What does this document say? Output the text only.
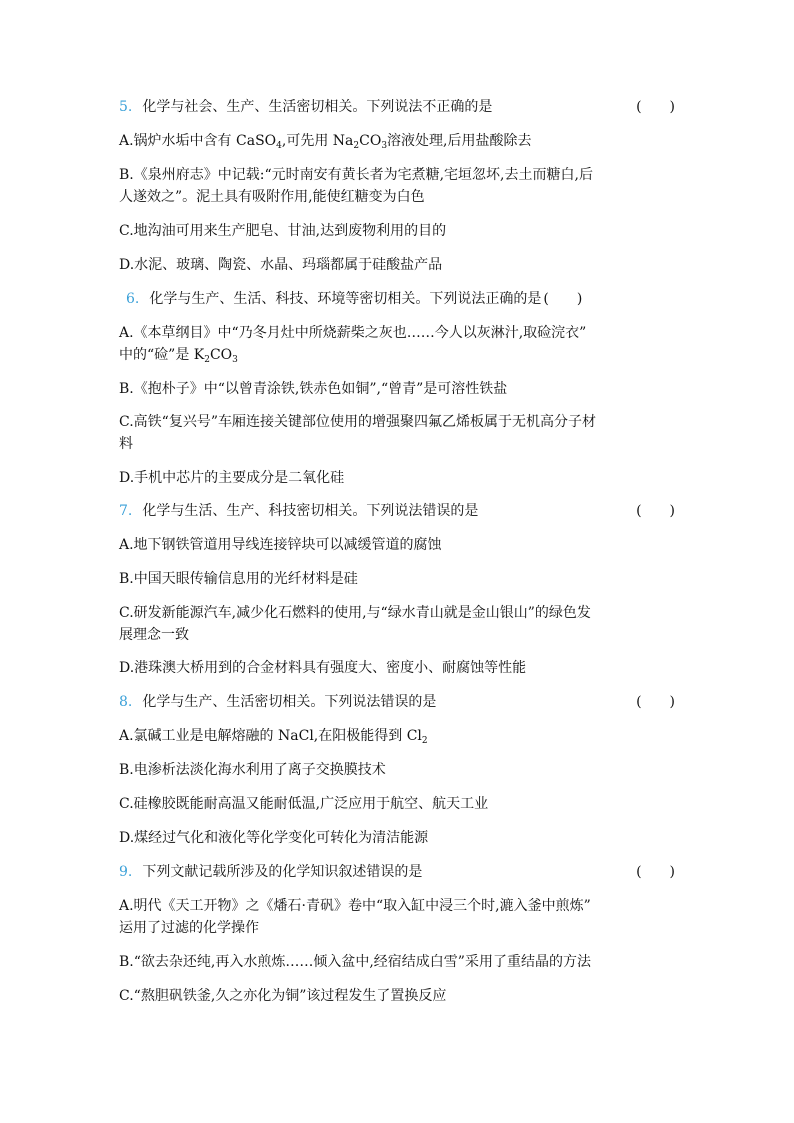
5. 化学与社会、生产、生活密切相关。下列说法不正确的是	(　　)
A.锅炉水垢中含有 CaSO$_4$,可先用 $Na_2CO_3$溶液处理,后用盐酸除去
B.《泉州府志》中记载:“元时南安有黄长者为宅煮糖,宅垣忽坏,去土而糖白,后
人遂效之”。泥土具有吸附作用,能使红糖变为白色
C.地沟油可用来生产肥皂、甘油,达到废物利用的目的
D.水泥、玻璃、陶瓷、水晶、玛瑙都属于硅酸盐产品
6. 化学与生产、生活、科技、环境等密切相关。下列说法正确的是 (　　)
A.《本草纲目》中“乃冬月灶中所烧薪柴之灰也……今人以灰淋汁,取硷浣衣”
中的“硷”是 $K_2CO_3$
B.《抱朴子》中“以曾青涂铁,铁赤色如铜”,“曾青”是可溶性铁盐
C.高铁“复兴号”车厢连接关键部位使用的增强聚四氟乙烯板属于无机高分子材
料
D.手机中芯片的主要成分是二氧化硅
7. 化学与生活、生产、科技密切相关。下列说法错误的是	(　　)
A.地下钢铁管道用导线连接锌块可以减缓管道的腐蚀
B.中国天眼传输信息用的光纤材料是硅
C.研发新能源汽车,减少化石燃料的使用,与“绿水青山就是金山银山”的绿色发
展理念一致
D.港珠澳大桥用到的合金材料具有强度大、密度小、耐腐蚀等性能
8. 化学与生产、生活密切相关。下列说法错误的是	(　　)
A.氯碱工业是电解熔融的 NaCl,在阳极能得到 $Cl_2$
B.电渗析法淡化海水利用了离子交换膜技术
C.硅橡胶既能耐高温又能耐低温,广泛应用于航空、航天工业
D.煤经过气化和液化等化学变化可转化为清洁能源
9. 下列文献记载所涉及的化学知识叙述错误的是	(　　)
A.明代《天工开物》之《燔石·青矾》卷中“取入缸中浸三个时,漉入釜中煎炼”
运用了过滤的化学操作
B.“欲去杂还纯,再入水煎炼……倾入盆中,经宿结成白雪”采用了重结晶的方法
C.“熬胆矾铁釜,久之亦化为铜”该过程发生了置换反应
